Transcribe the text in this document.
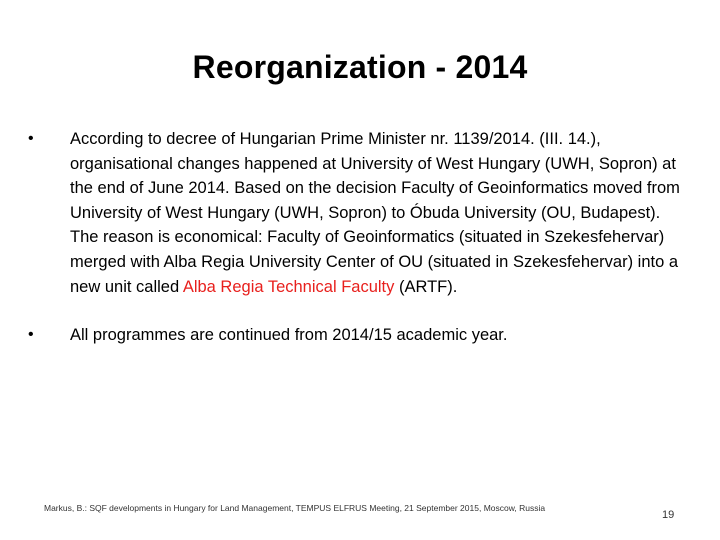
Reorganization - 2014
•	According to decree of Hungarian Prime Minister nr. 1139/2014. (III. 14.), organisational changes happened at University of West Hungary (UWH, Sopron) at the end of June 2014. Based on the decision Faculty of Geoinformatics moved from University of West Hungary (UWH, Sopron) to Óbuda University (OU, Budapest). The reason is economical: Faculty of Geoinformatics (situated in Szekesfehervar) merged with Alba Regia University Center of OU (situated in Szekesfehervar) into a new unit called Alba Regia Technical Faculty (ARTF).
•	All programmes are continued from 2014/15 academic year.
Markus, B.: SQF developments in Hungary for Land Management, TEMPUS ELFRUS Meeting, 21 September 2015, Moscow, Russia
19
